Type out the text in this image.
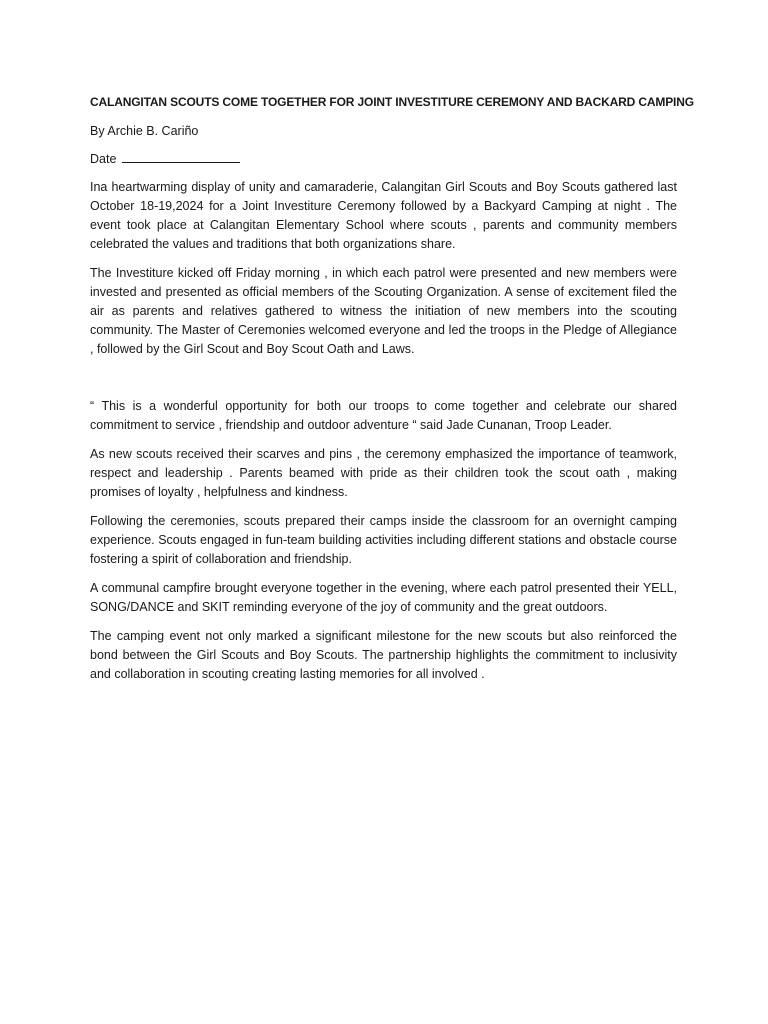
CALANGITAN SCOUTS COME TOGETHER FOR JOINT INVESTITURE CEREMONY AND BACKARD CAMPING
By Archie B. Cariño
Date

Ina heartwarming display of unity and camaraderie, Calangitan Girl Scouts and Boy Scouts gathered last October 18-19,2024 for a Joint Investiture Ceremony followed by a Backyard Camping at night . The event took place at Calangitan Elementary School where scouts , parents and community members celebrated the values and traditions that both organizations share.

The Investiture kicked off Friday morning , in which each patrol were presented and new members were invested and presented as official members of the Scouting Organization. A sense of excitement filed the air as parents and relatives gathered to witness the initiation of new members into the scouting community. The Master of Ceremonies welcomed everyone and led the troops in the Pledge of Allegiance , followed by the Girl Scout and Boy Scout Oath and Laws.

“ This is a wonderful opportunity for both our troops to come together and celebrate our shared commitment to service , friendship and outdoor adventure “ said Jade Cunanan, Troop Leader.

As new scouts received their scarves and pins , the ceremony emphasized the importance of teamwork, respect and leadership . Parents beamed with pride as their children took the scout oath , making promises of loyalty , helpfulness and kindness.

Following the ceremonies, scouts prepared their camps inside the classroom for an overnight camping experience. Scouts engaged in fun-team building activities including different stations and obstacle course fostering a spirit of collaboration and friendship.

A communal campfire brought everyone together in the evening, where each patrol presented their YELL, SONG/DANCE and SKIT reminding everyone of the joy of community and the great outdoors.

The camping event not only marked a significant milestone for the new scouts but also reinforced the bond between the Girl Scouts and Boy Scouts. The partnership highlights the commitment to inclusivity and collaboration in scouting creating lasting memories for all involved .
